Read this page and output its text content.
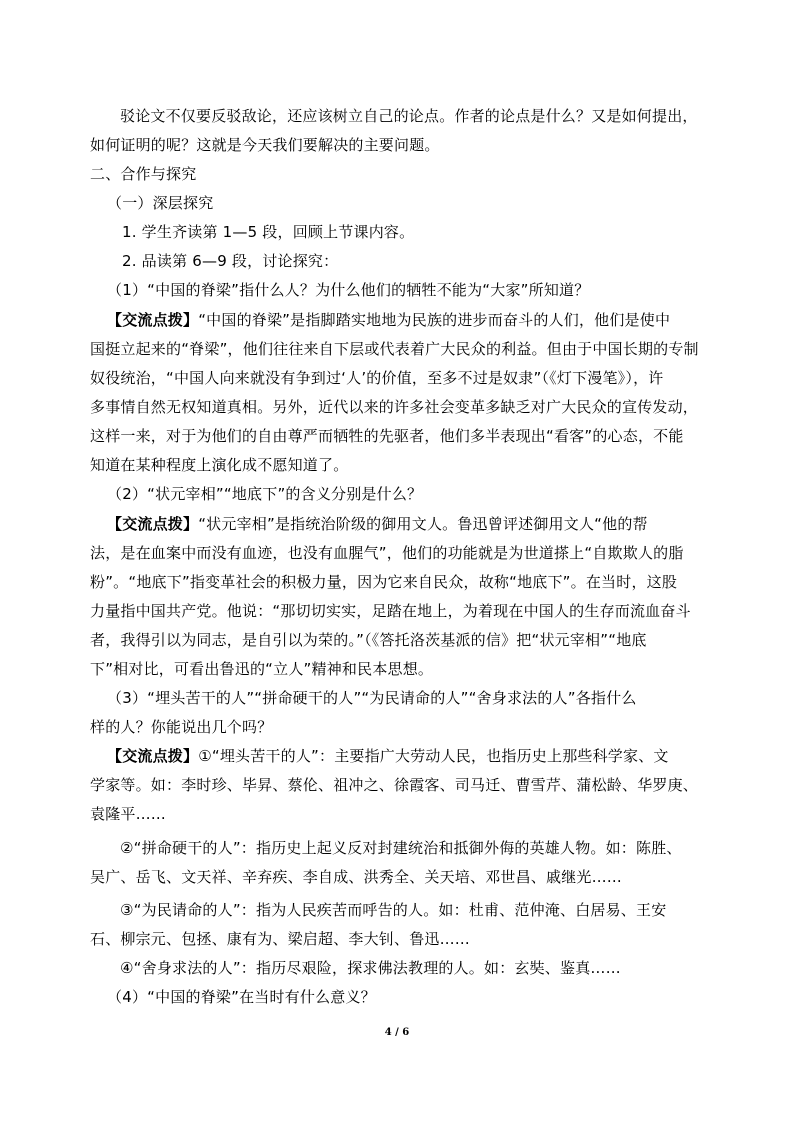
驳论文不仅要反驳敌论，还应该树立自己的论点。作者的论点是什么？又是如何提出，
如何证明的呢？这就是今天我们要解决的主要问题。
二、合作与探究
（一）深层探究
1. 学生齐读第 1—5 段，回顾上节课内容。
2. 品读第 6—9 段，讨论探究：
（1）“中国的脊梁”指什么人？为什么他们的牺牲不能为“大家”所知道？
【交流点拨】“中国的脊梁”是指脚踏实地地为民族的进步而奋斗的人们，他们是使中
国挺立起来的“脊梁”，他们往往来自下层或代表着广大民众的利益。但由于中国长期的专制
奴役统治，“中国人向来就没有争到过‘人’的价值，至多不过是奴隶”（《灯下漫笔》），许
多事情自然无权知道真相。另外，近代以来的许多社会变革多缺乏对广大民众的宣传发动，
这样一来，对于为他们的自由尊严而牺牲的先驱者，他们多半表现出“看客”的心态，不能
知道在某种程度上演化成不愿知道了。
（2）“状元宰相”“地底下”的含义分别是什么？
【交流点拨】“状元宰相”是指统治阶级的御用文人。鲁迅曾评述御用文人“他的帮
法，是在血案中而没有血迹，也没有血腥气”，他们的功能就是为世道搽上“自欺欺人的脂
粉”。“地底下”指变革社会的积极力量，因为它来自民众，故称“地底下”。在当时，这股
力量指中国共产党。他说：“那切切实实，足踏在地上，为着现在中国人的生存而流血奋斗
者，我得引以为同志，是自引以为荣的。”（《答托洛茨基派的信》把“状元宰相”“地底
下”相对比，可看出鲁迅的“立人”精神和民本思想。
（3）“埋头苦干的人”“拼命硬干的人”“为民请命的人”“舍身求法的人”各指什么
样的人？你能说出几个吗？
【交流点拨】①“埋头苦干的人”：主要指广大劳动人民，也指历史上那些科学家、文
学家等。如：李时珍、毕昇、蔡伦、祖冲之、徐霞客、司马迁、曹雪芹、蒲松龄、华罗庚、
袁隆平……
②“拼命硬干的人”：指历史上起义反对封建统治和抵御外侮的英雄人物。如：陈胜、
吴广、岳飞、文天祥、辛弃疾、李自成、洪秀全、关天培、邓世昌、戚继光……
③“为民请命的人”：指为人民疾苦而呼告的人。如：杜甫、范仲淹、白居易、王安
石、柳宗元、包拯、康有为、梁启超、李大钊、鲁迅……
④“舍身求法的人”：指历尽艰险，探求佛法教理的人。如：玄奘、鉴真……
（4）“中国的脊梁”在当时有什么意义？
4 / 6
